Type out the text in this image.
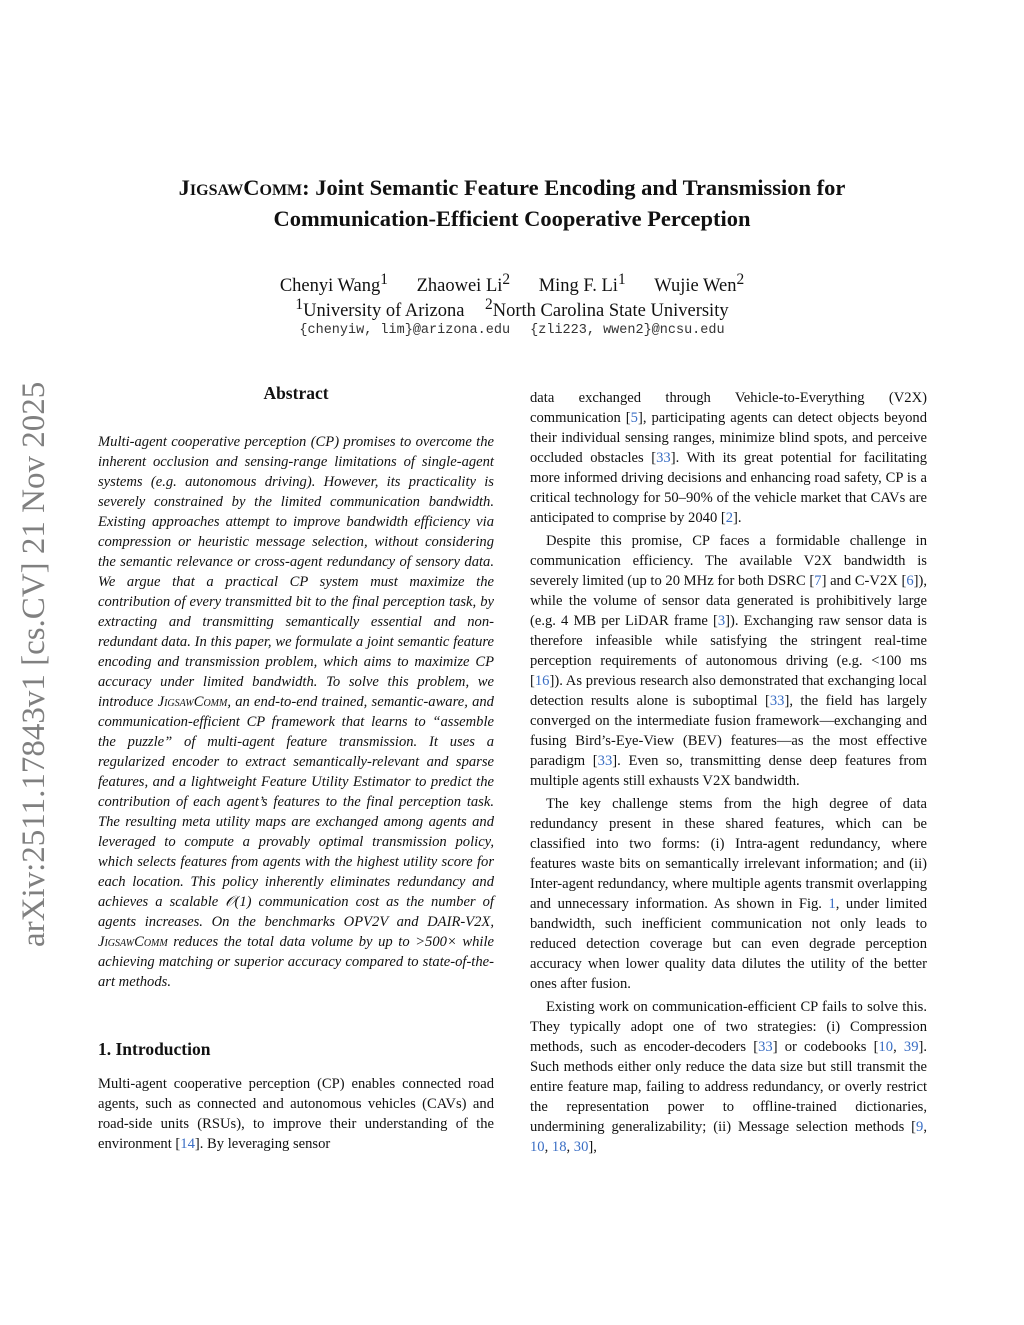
arXiv:2511.17843v1 [cs.CV] 21 Nov 2025
JigsawComm: Joint Semantic Feature Encoding and Transmission for
Communication-Efficient Cooperative Perception
Chenyi Wang$^1$ Zhaowei Li$^2$ Ming F. Li$^1$ Wujie Wen$^2$
$^1$University of Arizona $^2$North Carolina State University
{chenyiw, lim}@arizona.edu {zli223, wwen2}@ncsu.edu
Abstract

Multi-agent cooperative perception (CP) promises to overcome the inherent occlusion and sensing-range limitations of single-agent systems (e.g. autonomous driving). However, its practicality is severely constrained by the limited communication bandwidth. Existing approaches attempt to improve bandwidth efficiency via compression or heuristic message selection, without considering the semantic relevance or cross-agent redundancy of sensory data. We argue that a practical CP system must maximize the contribution of every transmitted bit to the final perception task, by extracting and transmitting semantically essential and non-redundant data. In this paper, we formulate a joint semantic feature encoding and transmission problem, which aims to maximize CP accuracy under limited bandwidth. To solve this problem, we introduce JigsawComm, an end-to-end trained, semantic-aware, and communication-efficient CP framework that learns to “assemble the puzzle” of multi-agent feature transmission. It uses a regularized encoder to extract semantically-relevant and sparse features, and a lightweight Feature Utility Estimator to predict the contribution of each agent’s features to the final perception task. The resulting meta utility maps are exchanged among agents and leveraged to compute a provably optimal transmission policy, which selects features from agents with the highest utility score for each location. This policy inherently eliminates redundancy and achieves a scalable 𝒪(1) communication cost as the number of agents increases. On the benchmarks OPV2V and DAIR-V2X, JigsawComm reduces the total data volume by up to >500× while achieving matching or superior accuracy compared to state-of-the-art methods.

1. Introduction

Multi-agent cooperative perception (CP) enables connected road agents, such as connected and autonomous vehicles (CAVs) and road-side units (RSUs), to improve their understanding of the environment [14]. By leveraging sensor

data exchanged through Vehicle-to-Everything (V2X) communication [5], participating agents can detect objects beyond their individual sensing ranges, minimize blind spots, and perceive occluded obstacles [33]. With its great potential for facilitating more informed driving decisions and enhancing road safety, CP is a critical technology for 50–90% of the vehicle market that CAVs are anticipated to comprise by 2040 [2].

Despite this promise, CP faces a formidable challenge in communication efficiency. The available V2X bandwidth is severely limited (up to 20 MHz for both DSRC [7] and C-V2X [6]), while the volume of sensor data generated is prohibitively large (e.g. 4 MB per LiDAR frame [3]). Exchanging raw sensor data is therefore infeasible while satisfying the stringent real-time perception requirements of autonomous driving (e.g. <100 ms [16]). As previous research also demonstrated that exchanging local detection results alone is suboptimal [33], the field has largely converged on the intermediate fusion framework—exchanging and fusing Bird’s-Eye-View (BEV) features—as the most effective paradigm [33]. Even so, transmitting dense deep features from multiple agents still exhausts V2X bandwidth.

The key challenge stems from the high degree of data redundancy present in these shared features, which can be classified into two forms: (i) Intra-agent redundancy, where features waste bits on semantically irrelevant information; and (ii) Inter-agent redundancy, where multiple agents transmit overlapping and unnecessary information. As shown in Fig. 1, under limited bandwidth, such inefficient communication not only leads to reduced detection coverage but can even degrade perception accuracy when lower quality data dilutes the utility of the better ones after fusion.

Existing work on communication-efficient CP fails to solve this. They typically adopt one of two strategies: (i) Compression methods, such as encoder-decoders [33] or codebooks [10, 39]. Such methods either only reduce the data size but still transmit the entire feature map, failing to address redundancy, or overly restrict the representation power to offline-trained dictionaries, undermining generalizability; (ii) Message selection methods [9, 10, 18, 30],
